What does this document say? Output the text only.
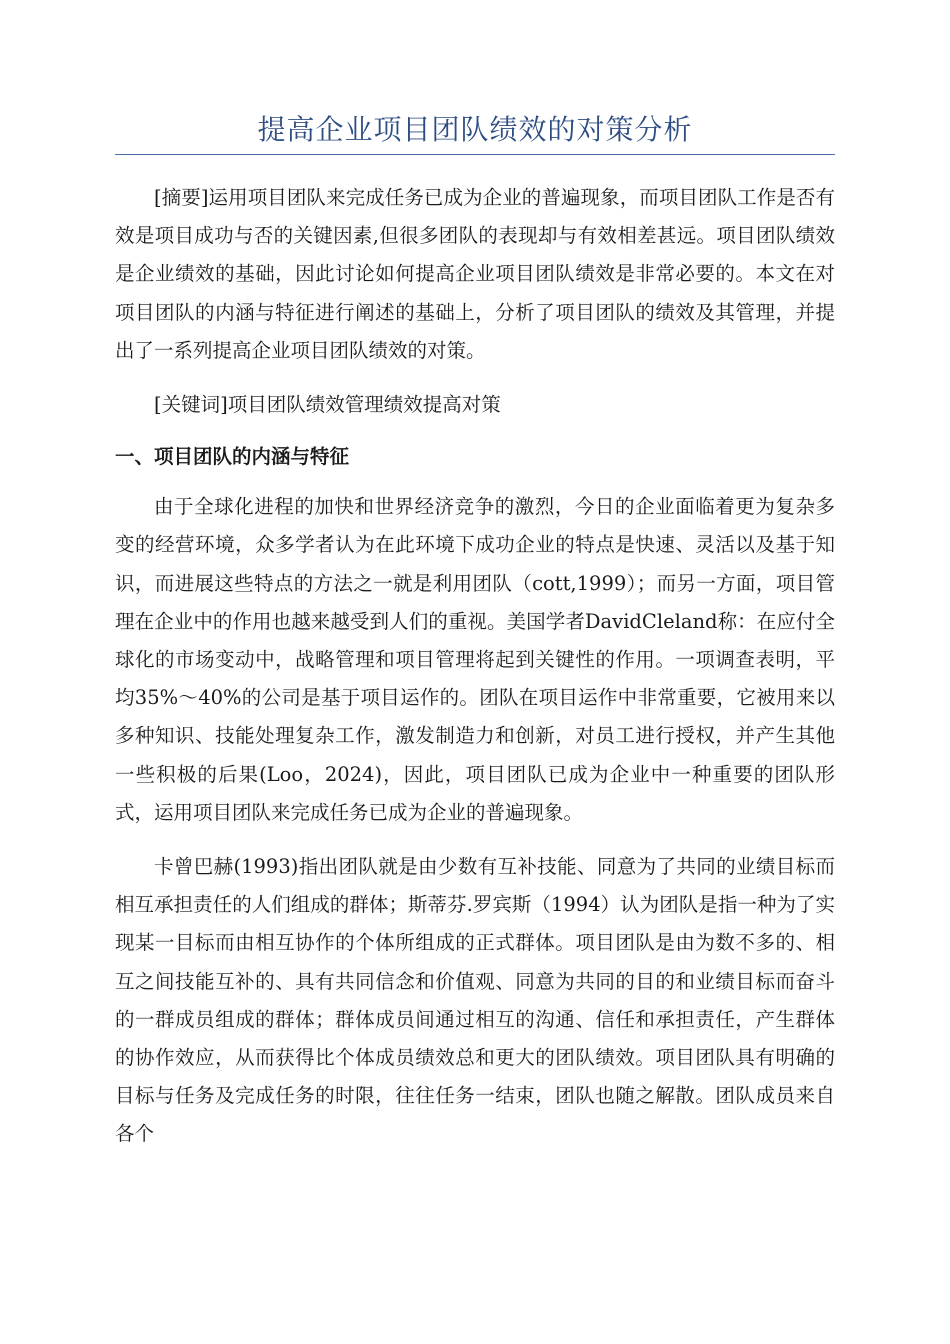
提高企业项目团队绩效的对策分析

[摘要]运用项目团队来完成任务已成为企业的普遍现象，而项目团队工作是否有效是项目成功与否的关键因素,但很多团队的表现却与有效相差甚远。项目团队绩效是企业绩效的基础，因此讨论如何提高企业项目团队绩效是非常必要的。本文在对项目团队的内涵与特征进行阐述的基础上，分析了项目团队的绩效及其管理，并提出了一系列提高企业项目团队绩效的对策。

[关键词]项目团队绩效管理绩效提高对策

一、项目团队的内涵与特征

由于全球化进程的加快和世界经济竞争的激烈，今日的企业面临着更为复杂多变的经营环境，众多学者认为在此环境下成功企业的特点是快速、灵活以及基于知识，而进展这些特点的方法之一就是利用团队（cott,1999）；而另一方面，项目管理在企业中的作用也越来越受到人们的重视。美国学者DavidCleland称：在应付全球化的市场变动中，战略管理和项目管理将起到关键性的作用。一项调查表明，平均35%～40%的公司是基于项目运作的。团队在项目运作中非常重要，它被用来以多种知识、技能处理复杂工作，激发制造力和创新，对员工进行授权，并产生其他一些积极的后果(Loo，2024)，因此，项目团队已成为企业中一种重要的团队形式，运用项目团队来完成任务已成为企业的普遍现象。

卡曾巴赫(1993)指出团队就是由少数有互补技能、同意为了共同的业绩目标而相互承担责任的人们组成的群体；斯蒂芬.罗宾斯（1994）认为团队是指一种为了实现某一目标而由相互协作的个体所组成的正式群体。项目团队是由为数不多的、相互之间技能互补的、具有共同信念和价值观、同意为共同的目的和业绩目标而奋斗的一群成员组成的群体；群体成员间通过相互的沟通、信任和承担责任，产生群体的协作效应，从而获得比个体成员绩效总和更大的团队绩效。项目团队具有明确的目标与任务及完成任务的时限，往往任务一结束，团队也随之解散。团队成员来自各个
